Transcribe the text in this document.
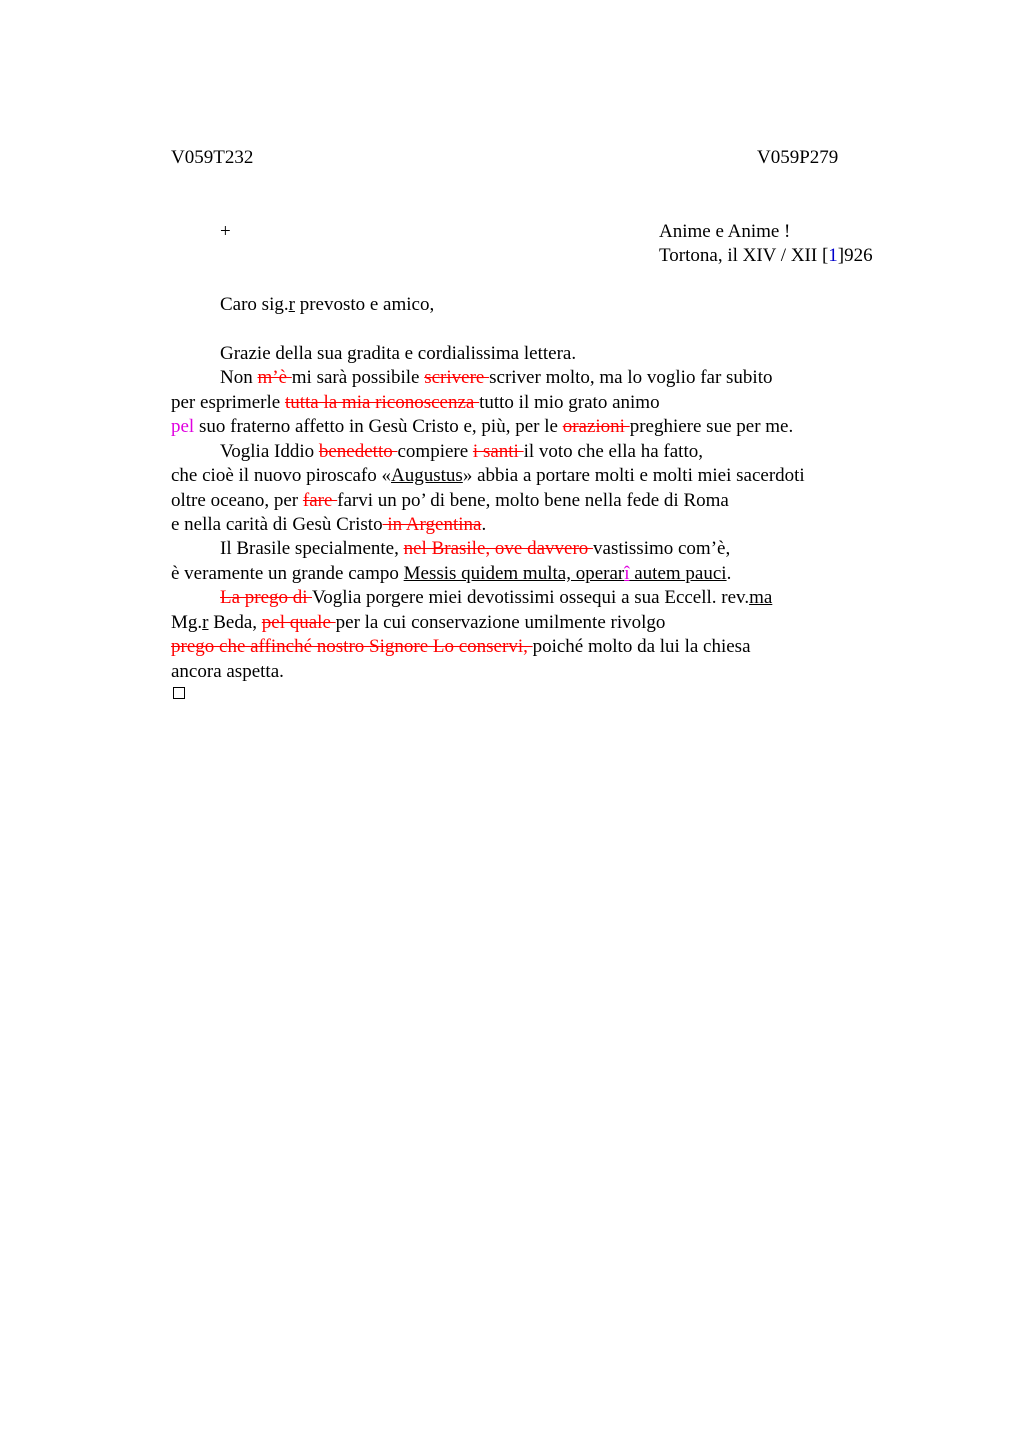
V059T232	V059P279
+	Anime e Anime !
Tortona, il XIV / XII [1]926
Caro sig.r prevosto e amico,
Grazie della sua gradita e cordialissima lettera.
Non m’è mi sarà possibile scrivere scriver molto, ma lo voglio far subito
per esprimerle tutta la mia riconoscenza tutto il mio grato animo
pel suo fraterno affetto in Gesù Cristo e, più, per le orazioni preghiere sue per me.
Voglia Iddio benedetto compiere i santi il voto che ella ha fatto,
che cioè il nuovo piroscafo «Augustus» abbia a portare molti e molti miei sacerdoti
oltre oceano, per fare farvi un po’ di bene, molto bene nella fede di Roma
e nella carità di Gesù Cristo in Argentina.
Il Brasile specialmente, nel Brasile, ove davvero vastissimo com’è,
è veramente un grande campo Messis quidem multa, operarî autem pauci.
La prego di Voglia porgere miei devotissimi ossequi a sua Eccell. rev.ma
Mg.r Beda, pel quale per la cui conservazione umilmente rivolgo
prego che affinché nostro Signore Lo conservi, poiché molto da lui la chiesa
ancora aspetta.
